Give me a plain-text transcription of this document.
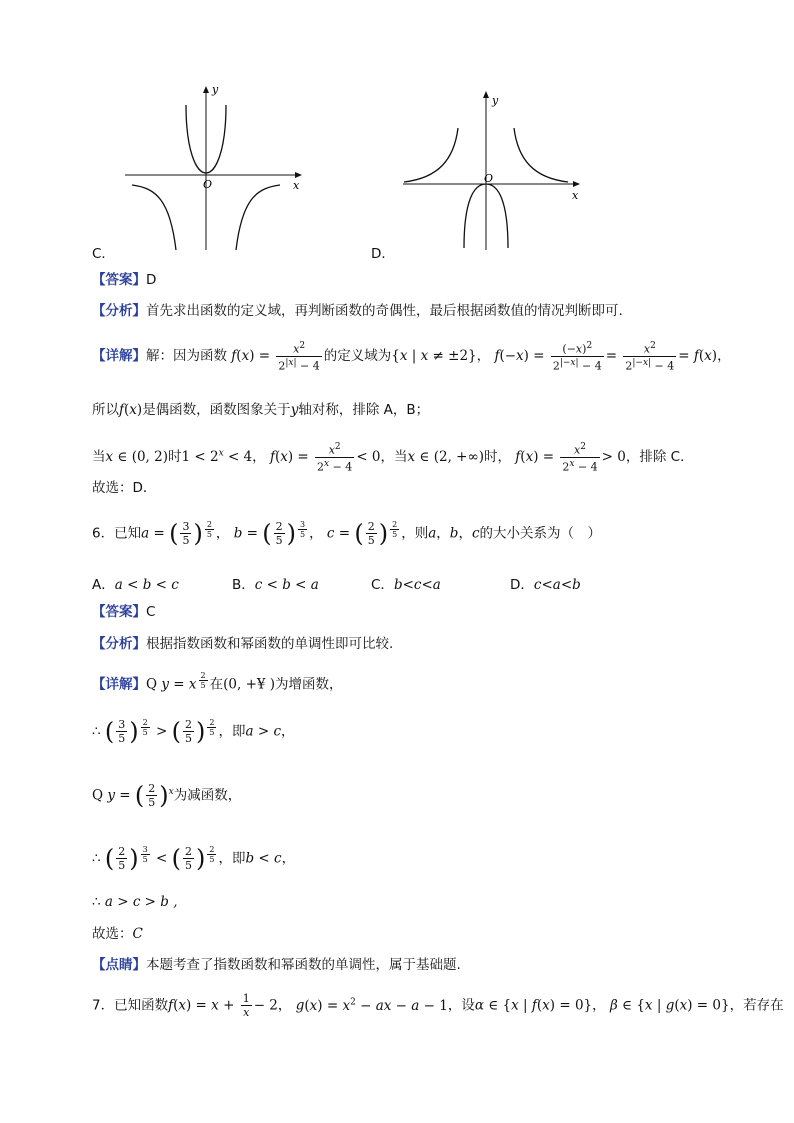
O	x
y
C．
O
x
y
D．
【答案】D
【分析】首先求出函数的定义域，再判断函数的奇偶性，最后根据函数值的情况判断即可.
【详解】解：因为函数 $f(x) = \frac{x^2}{2^{|x|} - 4}$ 的定义域为{x | x ≠ ±2}， $f(-x) = \frac{(-x)^2}{2^{|-x|} - 4} = \frac{x^2}{2^{|-x|} - 4} = f(x)$，
所以f(x)是偶函数，函数图象关于y轴对称，排除 A，B；
当x ∈ (0, 2)时$1 < 2^x < 4$， $f(x) = \frac{x^2}{2^x - 4} < 0$，当x ∈ (2, +∞)时， $f(x) = \frac{x^2}{2^x - 4} > 0$，排除 C．
故选：D．
6．已知a = ( $\frac{3}{5}$ ) $^{\frac{2}{5}}$ ， b = ( $\frac{2}{5}$ ) $^{\frac{3}{5}}$ ， c = ( $\frac{2}{5}$ ) $^{\frac{2}{5}}$ ，则a，b，c的大小关系为（　）
A．a < b < c	B．c < b < a	C．b<c<a	D．c<a<b
【答案】C
【分析】根据指数函数和幂函数的单调性即可比较.
【详解】Q y = x $^{\frac{2}{5}}$ 在(0, +¥ )为增函数，
∴ ( $\frac{3}{5}$ ) $^{\frac{2}{5}}$ > ( $\frac{2}{5}$ ) $^{\frac{2}{5}}$ ，即a > c，
Q y = ( $\frac{2}{5} )^x$为减函数，
∴ ( $\frac{2}{5}$ ) $^{\frac{3}{5}}$ < ( $\frac{2}{5}$ ) $^{\frac{2}{5}}$ ，即b < c，
∴ a > c > b ,
故选：C
【点睛】本题考查了指数函数和幂函数的单调性，属于基础题.
7．已知函数$f(x) = x + \frac{1}{x} - 2$， $g(x) = x^2$ − ax − a − 1，设α ∈ {x | f(x) = 0}， β ∈ {x | g(x) = 0}，若存在
